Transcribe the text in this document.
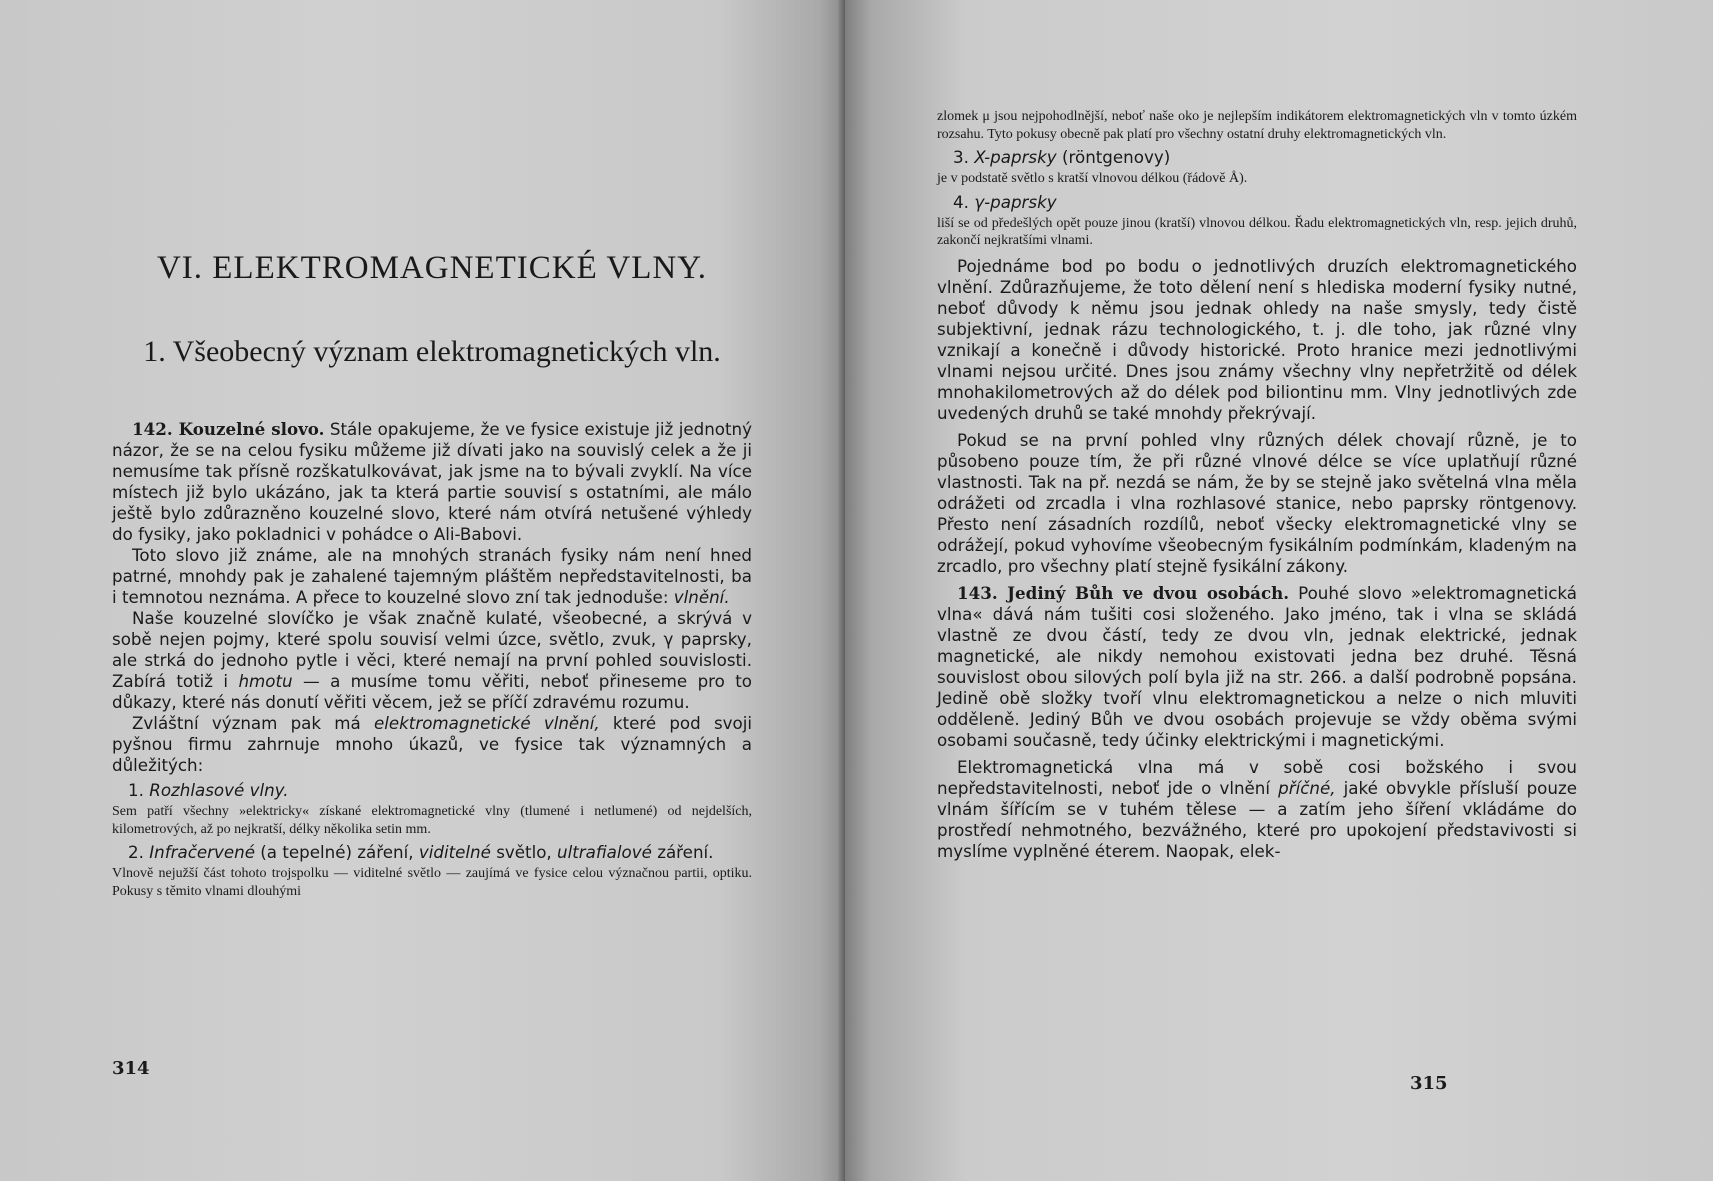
VI. ELEKTROMAGNETICKÉ VLNY.
1. Všeobecný význam elektromagnetických vln.

142. Kouzelné slovo. Stále opakujeme, že ve fysice existuje již jednotný názor, že se na celou fysiku můžeme již dívati jako na souvislý celek a že ji nemusíme tak přísně rozškatulkovávat, jak jsme na to bývali zvyklí. Na více místech již bylo ukázáno, jak ta která partie souvisí s ostatními, ale málo ještě bylo zdůrazněno kouzelné slovo, které nám otvírá netušené výhledy do fysiky, jako pokladnici v pohádce o Ali-Babovi.

Toto slovo již známe, ale na mnohých stranách fysiky nám není hned patrné, mnohdy pak je zahalené tajemným pláštěm nepředstavitelnosti, ba i temnotou neznáma. A přece to kouzelné slovo zní tak jednoduše: vlnění.

Naše kouzelné slovíčko je však značně kulaté, všeobecné, a skrývá v sobě nejen pojmy, které spolu souvisí velmi úzce, světlo, zvuk, γ paprsky, ale strká do jednoho pytle i věci, které nemají na první pohled souvislosti. Zabírá totiž i hmotu — a musíme tomu věřiti, neboť přineseme pro to důkazy, které nás donutí věřiti věcem, jež se příčí zdravému rozumu.

Zvláštní význam pak má elektromagnetické vlnění, které pod svoji pyšnou firmu zahrnuje mnoho úkazů, ve fysice tak významných a důležitých:

1. Rozhlasové vlny.

Sem patří všechny »elektricky« získané elektromagnetické vlny (tlumené i netlumené) od nejdelších, kilometrových, až po nejkratší, délky několika setin mm.

2. Infračervené (a tepelné) záření, viditelné světlo, ultrafialové záření.

Vlnově nejužší část tohoto trojspolku — viditelné světlo — zaujímá ve fysice celou význačnou partii, optiku. Pokusy s těmito vlnami dlouhými

314

zlomek μ jsou nejpohodlnější, neboť naše oko je nejlepším indikátorem elektromagnetických vln v tomto úzkém rozsahu. Tyto pokusy obecně pak platí pro všechny ostatní druhy elektromagnetických vln.

3. X-paprsky (röntgenovy)

je v podstatě světlo s kratší vlnovou délkou (řádově Å).

4. γ-paprsky

liší se od předešlých opět pouze jinou (kratší) vlnovou délkou. Řadu elektromagnetických vln, resp. jejich druhů, zakončí nejkratšími vlnami.

Pojednáme bod po bodu o jednotlivých druzích elektromagnetického vlnění. Zdůrazňujeme, že toto dělení není s hlediska moderní fysiky nutné, neboť důvody k němu jsou jednak ohledy na naše smysly, tedy čistě subjektivní, jednak rázu technologického, t. j. dle toho, jak různé vlny vznikají a konečně i důvody historické. Proto hranice mezi jednotlivými vlnami nejsou určité. Dnes jsou známy všechny vlny nepřetržitě od délek mnohakilometrových až do délek pod biliontinu mm. Vlny jednotlivých zde uvedených druhů se také mnohdy překrývají.

Pokud se na první pohled vlny různých délek chovají různě, je to působeno pouze tím, že při různé vlnové délce se více uplatňují různé vlastnosti. Tak na př. nezdá se nám, že by se stejně jako světelná vlna měla odrážeti od zrcadla i vlna rozhlasové stanice, nebo paprsky röntgenovy. Přesto není zásadních rozdílů, neboť všecky elektromagnetické vlny se odrážejí, pokud vyhovíme všeobecným fysikálním podmínkám, kladeným na zrcadlo, pro všechny platí stejně fysikální zákony.

143. Jediný Bůh ve dvou osobách. Pouhé slovo »elektromagnetická vlna« dává nám tušiti cosi složeného. Jako jméno, tak i vlna se skládá vlastně ze dvou částí, tedy ze dvou vln, jednak elektrické, jednak magnetické, ale nikdy nemohou existovati jedna bez druhé. Těsná souvislost obou silových polí byla již na str. 266. a další podrobně popsána. Jedině obě složky tvoří vlnu elektromagnetickou a nelze o nich mluviti odděleně. Jediný Bůh ve dvou osobách projevuje se vždy oběma svými osobami současně, tedy účinky elektrickými i magnetickými.

Elektromagnetická vlna má v sobě cosi božského i svou nepředstavitelnosti, neboť jde o vlnění příčné, jaké obvykle přísluší pouze vlnám šířícím se v tuhém tělese — a zatím jeho šíření vkládáme do prostředí nehmotného, bezvážného, které pro upokojení představivosti si myslíme vyplněné éterem. Naopak, elek-

315
